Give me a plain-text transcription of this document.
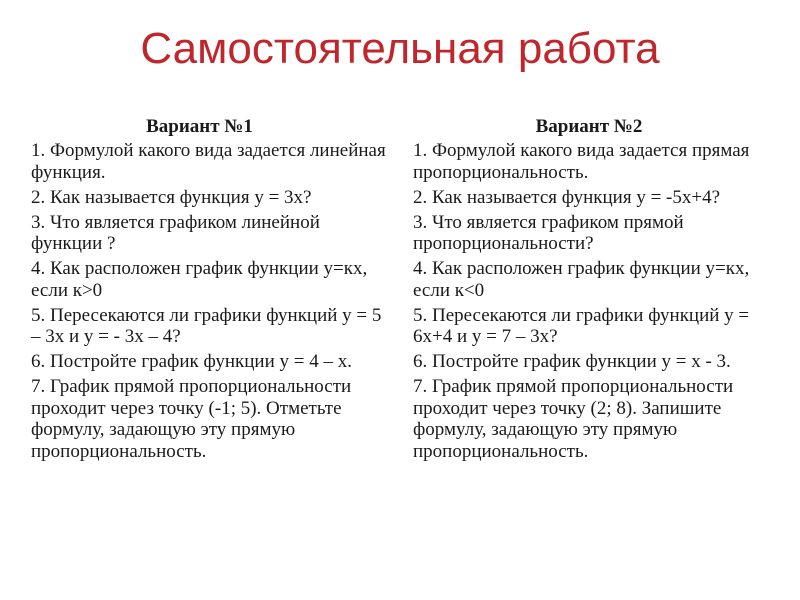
Самостоятельная работа
Вариант №1
1. Формулой какого вида задается линейная функция.
2. Как называется функция у = 3х?
3. Что является графиком линейной функции ?
4. Как расположен график функции у=кх, если к>0
5. Пересекаются ли графики функций у = 5 – 3х и у = - 3х – 4?
6. Постройте график функции у = 4 – х.
7. График прямой пропорциональности проходит через точку (-1; 5). Отметьте формулу, задающую эту прямую пропорциональность.
Вариант №2
1. Формулой какого вида задается прямая пропорциональность.
2. Как называется функция у = -5х+4?
3. Что является графиком прямой пропорциональности?
4. Как расположен график функции у=кх, если к<0
5. Пересекаются ли графики функций у = 6х+4 и у = 7 – 3х?
6. Постройте график функции у = х - 3.
7. График прямой пропорциональности проходит через точку (2; 8). Запишите формулу, задающую эту прямую пропорциональность.
